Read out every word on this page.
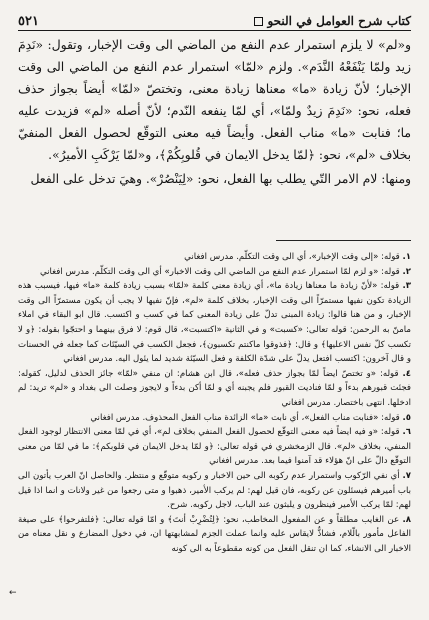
كتاب شرح العوامل في النحو
٥٢١

و«لم» لا يلزم استمرار عدم النفع من الماضي الى وقت الإخبار، وتقول: «نَدِمَ زيد ولمّا يَنْفَعْهُ النَّدَم». ولزم «لمّا» استمرار عدم النفع من الماضي الى وقت الإخبار؛ لأنّ زيادة «ما» معناها زيادة معنى، وتختصّ «لمّا» أيضاً بجواز حذف فعله، نحو: «نَدِمَ زيدٌ ولمّا»، أي لمّا ينفعه النّدم؛ لأنّ أصله «لم» فزيدت عليه ما؛ فنابت «ما» مناب الفعل. وأيضاً فيه معنى التوقّع لحصول الفعل المنفيّ بخلاف «لم»، نحو: ﴿لمّا يدخل الايمان في قُلوبِكُمْ﴾، و«لمّا يَرْكَبِ الأميرُ».

ومنها: لام الامر التّي يطلب بها الفعل، نحو: «لِيَنْصُرْ». وهيَ تدخل على الفعل

١. قوله: «إلى وقت الإخبار»، أي الى وقت التكلّم. مدرس افغاني

٢. قوله: «و لزم لمّا استمرار عدم النفع من الماضي الى وقت الاخبار» أي الى وقت التكلّم. مدرس افغاني

٣. قوله: «لأنّ زيادة ما معناها زيادة ما»، أي زيادة معنى كلمة «لمّا» بسبب زيادة كلمة «ما» فيها، فيسبب هذه الزيادة تكون نفيها مستمرّاً الى وقت الإخبار، بخلاف كلمة «لم»، فإنّ نفيها لا يجب أن يكون مستمرّاً الى وقت الإخبار، و من هنا قالوا: زيادة المبنى تدلّ على زيادة المعنى كما في كسب و اكتسب. قال ابو البقاء في املاء مامنّ به الرحمن: قوله تعالى: «كسبت» و في الثانية «اكتسبت»، قال قوم: لا فرق بينهما و احتجّوا بقوله: ﴿و لا تكسب كلّ نفس الاعليها﴾ و قال: ﴿فذوقوا ماكنتم تكسبون﴾، فجعل الكسب في السيّئات كما جعله في الحسنات و قال آخرون: اكتسب افتعل يدلّ على شدّة الكلفة و فعل السيّئة شديد لما يئول اليه. مدرس افغاني

٤. قوله: «و تختصّ ايضاً لمّا بجواز حذف فعله»، قال ابن هشام: ان منفي «لمّا» جائز الحذف لدليل، كقوله: فجئت قبورهم بدءاً و لمّا فناديت القبور فلم يجبنه أي و لمّا أكن بدءاً و لايجوز وصلت الى بغداد و «لم» تريد: لم ادخلها. انتهى باختصار. مدرس افغاني

٥. قوله: «فنابت مناب الفعل»، أي نابت «ما» الزائدة مناب الفعل المحذوف. مدرس افغاني

٦. قوله: «و فيه ايضاً فيه معنى التوقّع لحصول الفعل المنفي بخلاف لم»، أي في لمّا معنى الانتظار لوجود الفعل المنفي، بخلاف «لم». قال الزمخشري في قوله تعالى: ﴿و لمّا يدخل الايمان في قلوبكم﴾: ما في لمّا من معنى التوقّع دالّ على انّ هؤلاء قد آمنوا فيما بعد. مدرس افغاني

٧. أي نفي الرّكوب واستمرار عدم ركوبه الى حين الاخبار و ركوبه متوقّع و منتظر. والحاصل انّ العرب يأتون الى باب أميرهم فيسئلون عن ركوبه، فان قيل لهم: لم يركب الأمير، ذهبوا و متى رجعوا من غير ولانات و انما اذا قيل لهم: لمّا يركب الأمير فينظرون و يلبثون عند الباب، لاجل ركوبه. شرح.

٨. عن الغايب مطلقاً و عن المفعول المخاطب، نحو: ﴿لِتُضْرِبْ أنتَ﴾ و امّا قوله تعالى: ﴿فلتفرحوا﴾ على صيغة الفاعل مأمور بالّلام، فشاذٌّ لايقاس عليه وانما عملت الجزم لمشابهتها ان، في دخول المضارع و نقل معناه من الاخبار الى الانشاء، كما ان تنقل الفعل من كونه مقطوعاً به الى كونه

←
